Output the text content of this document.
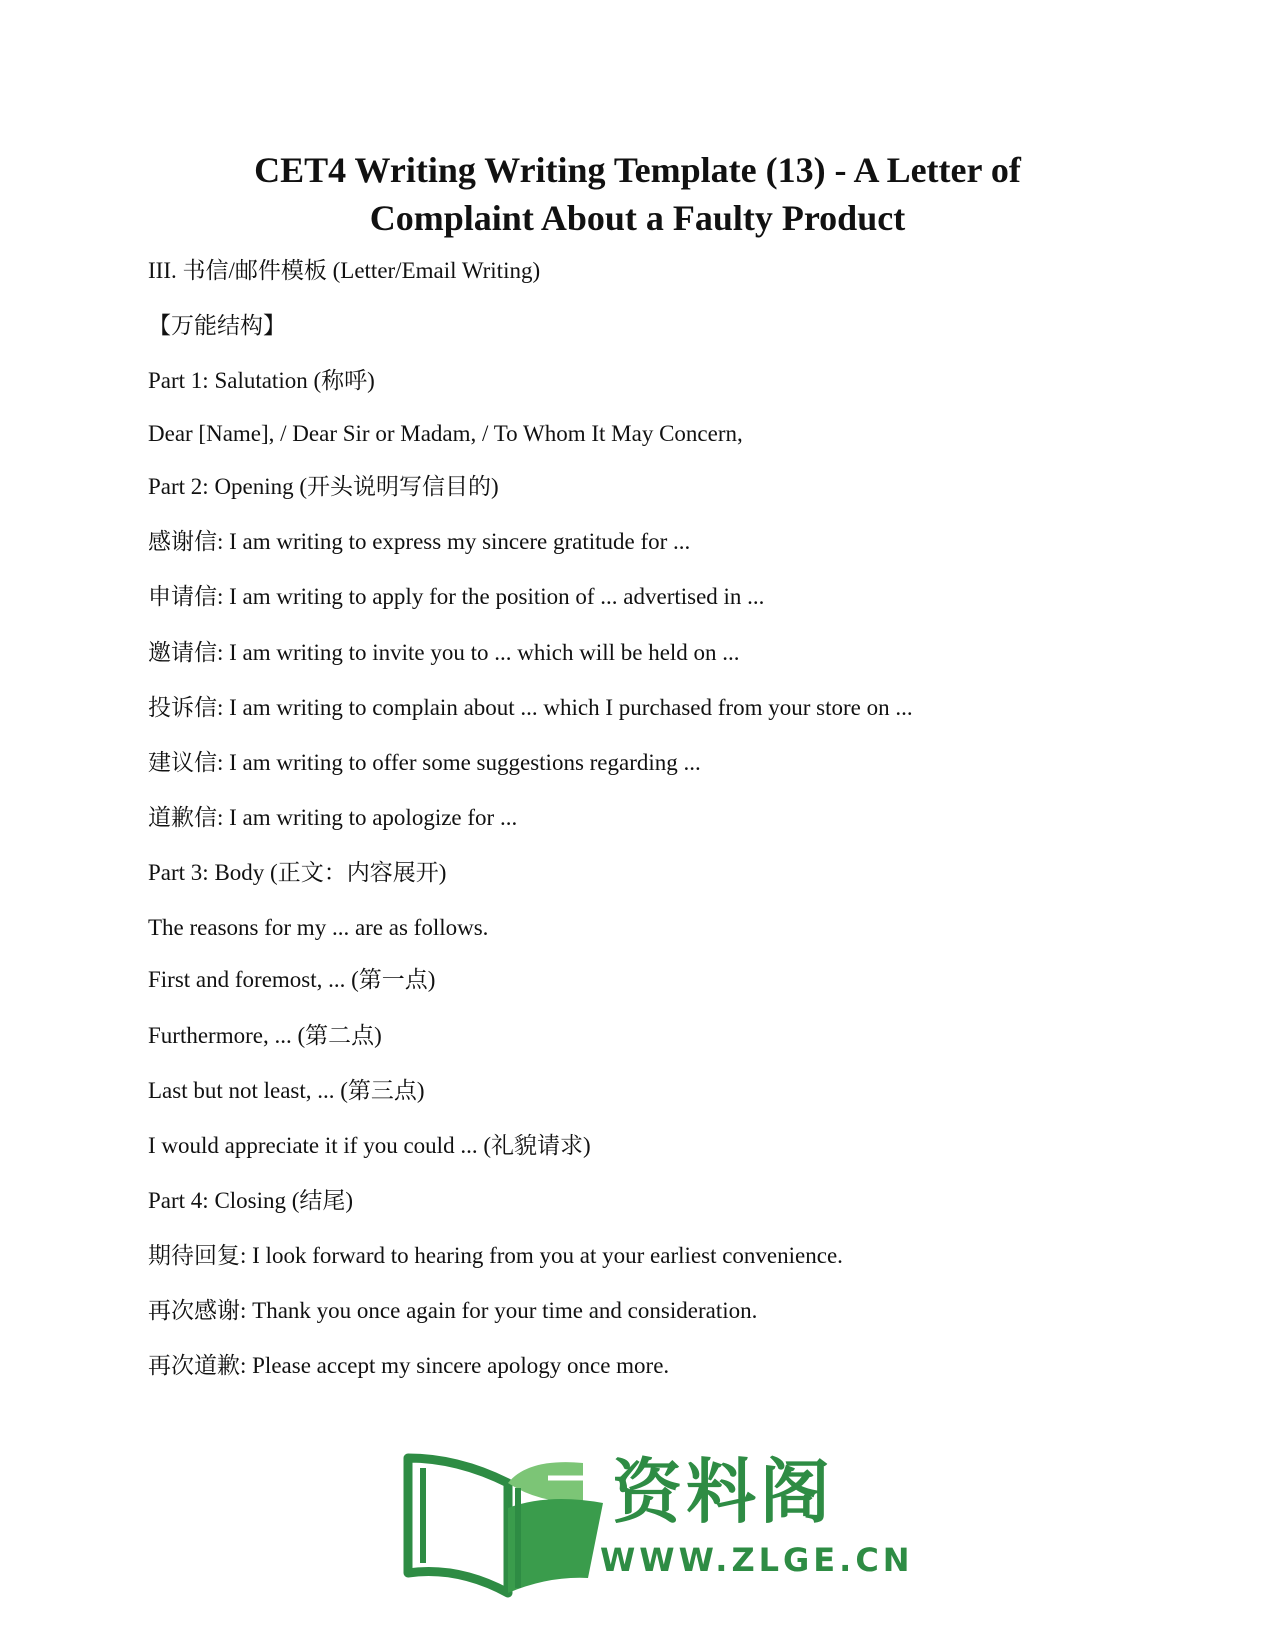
CET4 Writing Writing Template (13) - A Letter of
Complaint About a Faulty Product

III. 书信/邮件模板 (Letter/Email Writing)

【万能结构】

Part 1: Salutation (称呼)

Dear [Name], / Dear Sir or Madam, / To Whom It May Concern,

Part 2: Opening (开头说明写信目的)

感谢信: I am writing to express my sincere gratitude for ...

申请信: I am writing to apply for the position of ... advertised in ...

邀请信: I am writing to invite you to ... which will be held on ...

投诉信: I am writing to complain about ... which I purchased from your store on ...

建议信: I am writing to offer some suggestions regarding ...

道歉信: I am writing to apologize for ...

Part 3: Body (正文：内容展开)

The reasons for my ... are as follows.

First and foremost, ... (第一点)

Furthermore, ... (第二点)

Last but not least, ... (第三点)

I would appreciate it if you could ... (礼貌请求)

Part 4: Closing (结尾)

期待回复: I look forward to hearing from you at your earliest convenience.

再次感谢: Thank you once again for your time and consideration.

再次道歉: Please accept my sincere apology once more.

资料阁
WWW.ZLGE.CN
